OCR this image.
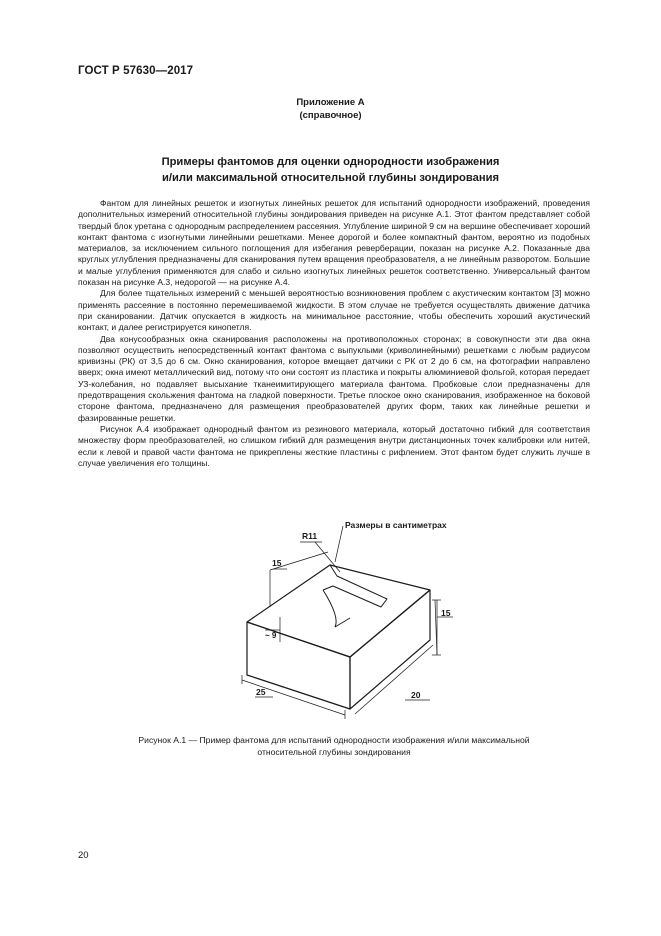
ГОСТ Р 57630—2017
Приложение А
(справочное)
Примеры фантомов для оценки однородности изображения
и/или максимальной относительной глубины зондирования

Фантом для линейных решеток и изогнутых линейных решеток для испытаний однородности изображений, проведения дополнительных измерений относительной глубины зондирования приведен на рисунке А.1. Этот фантом представляет собой твердый блок уретана с однородным распределением рассеяния. Углубление шириной 9 см на вершине обеспечивает хороший контакт фантома с изогнутыми линейными решетками. Менее дорогой и более компактный фантом, вероятно из подобных материалов, за исключением сильного поглощения для избегания реверберации, показан на рисунке А.2. Показанные два круглых углубления предназначены для сканирования путем вращения преобразователя, а не линейным разворотом. Большие и малые углубления применяются для слабо и сильно изогнутых линейных решеток соответственно. Универсальный фантом показан на рисунке А.3, недорогой — на рисунке А.4.

Для более тщательных измерений с меньшей вероятностью возникновения проблем с акустическим контактом [3] можно применять рассеяние в постоянно перемешиваемой жидкости. В этом случае не требуется осуществлять движение датчика при сканировании. Датчик опускается в жидкость на минимальное расстояние, чтобы обеспечить хороший акустический контакт, и далее регистрируется кинопетля.

Два конусообразных окна сканирования расположены на противоположных сторонах; в совокупности эти два окна позволяют осуществить непосредственный контакт фантома с выпуклыми (криволинейными) решетками с любым радиусом кривизны (РК) от 3,5 до 6 см. Окно сканирования, которое вмещает датчики с РК от 2 до 6 см, на фотографии направлено вверх; окна имеют металлический вид, потому что они состоят из пластика и покрыты алюминиевой фольгой, которая передает УЗ-колебания, но подавляет высыхание тканеимитирующего материала фантома. Пробковые слои предназначены для предотвращения скольжения фантома на гладкой поверхности. Третье плоское окно сканирования, изображенное на боковой стороне фантома, предназначено для размещения преобразователей других форм, таких как линейные решетки и фазированные решетки.

Рисунок А.4 изображает однородный фантом из резинового материала, который достаточно гибкий для соответствия множеству форм преобразователей, но слишком гибкий для размещения внутри дистанционных точек калибровки или нитей, если к левой и правой части фантома не прикреплены жесткие пластины с рифлением. Этот фантом будет служить лучше в случае увеличения его толщины.

Размеры в сантиметрах
R11
15
~ 9
15
25	20
Рисунок А.1 — Пример фантома для испытаний однородности изображения и/или максимальной
относительной глубины зондирования
20
